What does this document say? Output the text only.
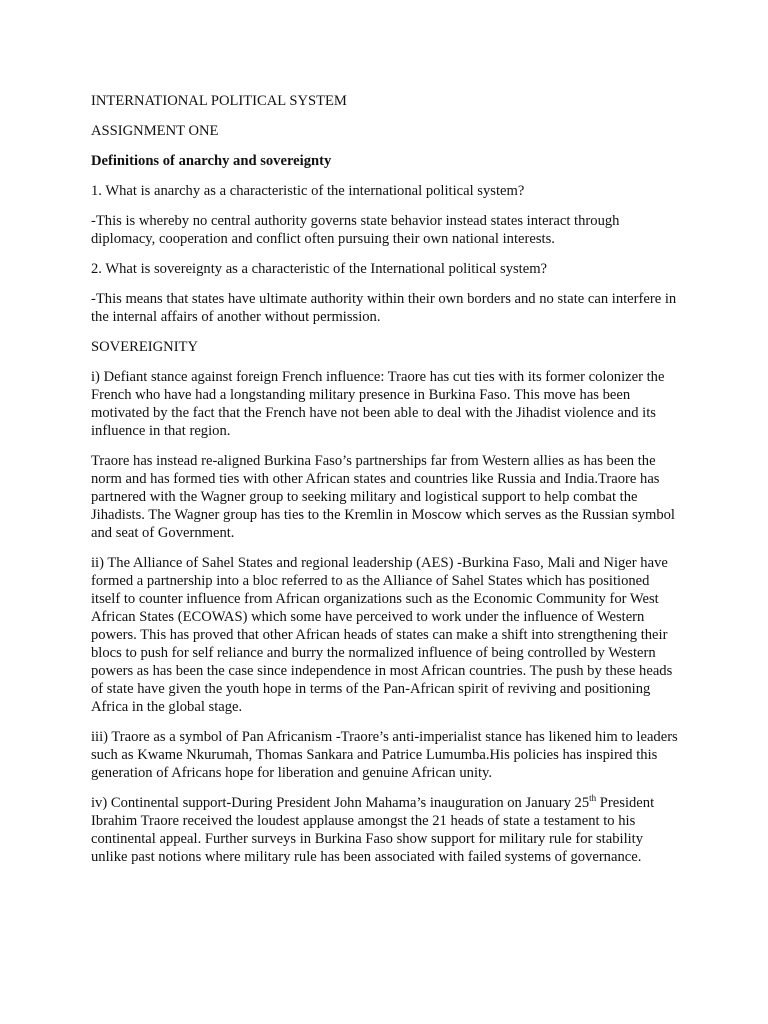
INTERNATIONAL POLITICAL SYSTEM

ASSIGNMENT ONE

Definitions of anarchy and sovereignty

1. What is anarchy as a characteristic of the international political system?

-This is whereby no central authority governs state behavior instead states interact through diplomacy, cooperation and conflict often pursuing their own national interests.

2. What is sovereignty as a characteristic of the International political system?

-This means that states have ultimate authority within their own borders and no state can interfere in the internal affairs of another without permission.

SOVEREIGNITY

i) Defiant stance against foreign French influence: Traore has cut ties with its former colonizer the French who have had a longstanding military presence in Burkina Faso. This move has been motivated by the fact that the French have not been able to deal with the Jihadist violence and its influence in that region.

Traore has instead re-aligned Burkina Faso’s partnerships far from Western allies as has been the norm and has formed ties with other African states and countries like Russia and India.Traore has partnered with the Wagner group to seeking military and logistical support to help combat the Jihadists. The Wagner group has ties to the Kremlin in Moscow which serves as the Russian symbol and seat of Government.

ii) The Alliance of Sahel States and regional leadership (AES) -Burkina Faso, Mali and Niger have formed a partnership into a bloc referred to as the Alliance of Sahel States which has positioned itself to counter influence from African organizations such as the Economic Community for West African States (ECOWAS) which some have perceived to work under the influence of Western powers. This has proved that other African heads of states can make a shift into strengthening their blocs to push for self reliance and burry the normalized influence of being controlled by Western powers as has been the case since independence in most African countries. The push by these heads of state have given the youth hope in terms of the Pan-African spirit of reviving and positioning Africa in the global stage.

iii) Traore as a symbol of Pan Africanism -Traore’s anti-imperialist stance has likened him to leaders such as Kwame Nkurumah, Thomas Sankara and Patrice Lumumba.His policies has inspired this generation of Africans hope for liberation and genuine African unity.

iv) Continental support-During President John Mahama’s inauguration on January 25th President Ibrahim Traore received the loudest applause amongst the 21 heads of state a testament to his continental appeal. Further surveys in Burkina Faso show support for military rule for stability unlike past notions where military rule has been associated with failed systems of governance.
